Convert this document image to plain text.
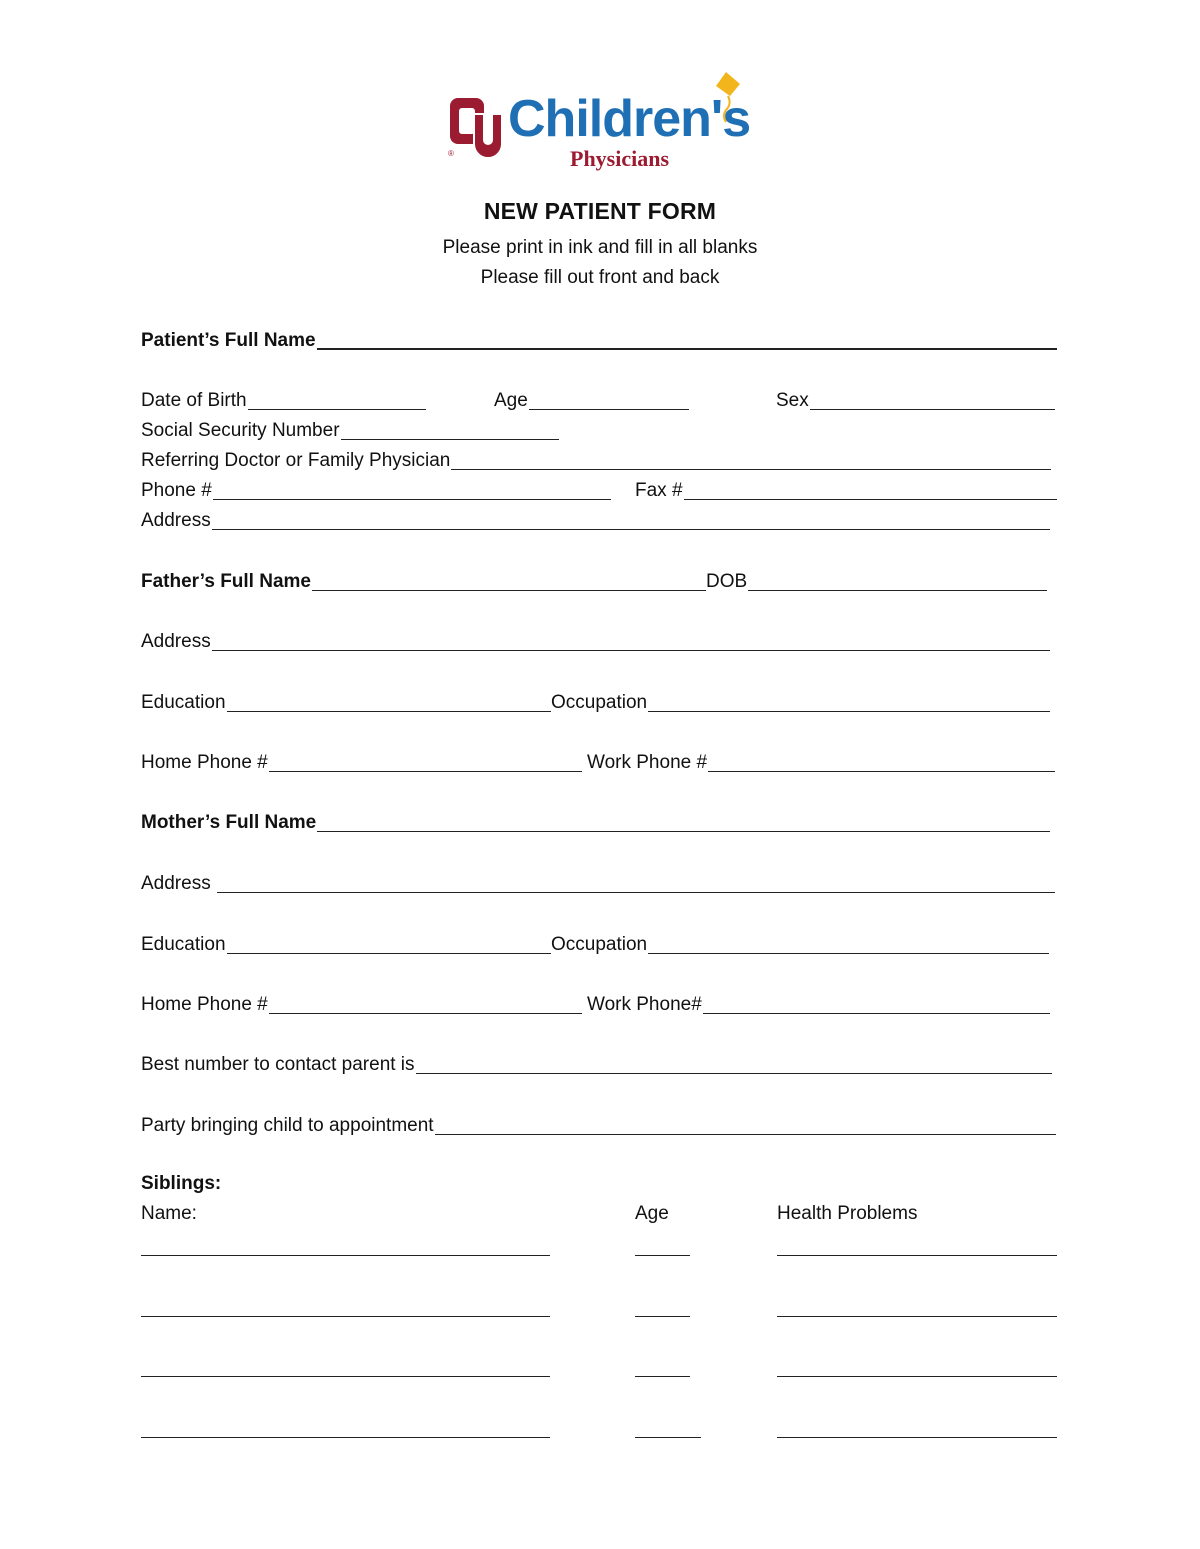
®
Children's
Physicians
NEW PATIENT FORM
Please print in ink and fill in all blanks
Please fill out front and back
Patient’s Full Name
Date of Birth	Age	Sex
Social Security Number
Referring Doctor or Family Physician
Phone #	Fax #
Address
Father’s Full Name	DOB
Address
Education	Occupation
Home Phone #	Work Phone #
Mother’s Full Name
Address
Education	Occupation
Home Phone #	Work Phone#
Best number to contact parent is
Party bringing child to appointment
Siblings:
Name:	Age	Health Problems
